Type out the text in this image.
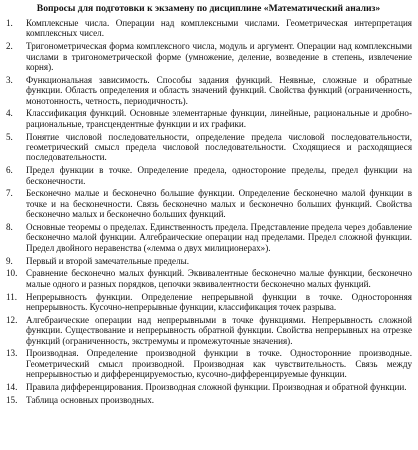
Вопросы для подготовки к экзамену по дисциплине «Математический анализ»
1.	Комплексные числа. Операции над комплексными числами. Геометрическая интерпретация комплексных чисел.
2.	Тригонометрическая форма комплексного числа, модуль и аргумент. Операции над комплексными числами в тригонометрической форме (умножение, деление, возведение в степень, извлечение корня).
3.	Функциональная зависимость. Способы задания функций. Неявные, сложные и обратные функции. Область определения и область значений функций. Свойства функций (ограниченность, монотонность, четность, периодичность).
4.	Классификация функций. Основные элементарные функции, линейные, рациональные и дробно-рациональные, трансцендентные функции и их графики.
5.	Понятие числовой последовательности, определение предела числовой последовательности, геометрический смысл предела числовой последовательности. Сходящиеся и расходящиеся последовательности.
6.	Предел функции в точке. Определение предела, одностороние пределы, предел функции на бесконечности.
7.	Бесконечно малые и бесконечно большие функции. Определение бесконечно малой функции в точке и на бесконечности. Связь бесконечно малых и бесконечно больших функций. Свойства бесконечно малых и бесконечно больших функций.
8.	Основные теоремы о пределах. Единственность предела. Представление предела через добавление бесконечно малой функции. Алгебраические операции над пределами. Предел сложной функции. Предел двойного неравенства («лемма о двух милиционерах»).
9.	Первый и второй замечательные пределы.
10. Сравнение бесконечно малых функций. Эквивалентные бесконечно малые функции, бесконечно малые одного и разных порядков, цепочки эквивалентности бесконечно малых функций.
11. Непрерывность функции. Определение непрерывной функции в точке. Односторонняя непрерывность. Кусочно-непрерывные функции, классификация точек разрыва.
12. Алгебраические операции над непрерывными в точке функциями. Непрерывность сложной функции. Существование и непрерывность обратной функции. Свойства непрерывных на отрезке функций (ограниченность, экстремумы и промежуточные значения).
13. Производная. Определение производной функции в точке. Односторонние производные. Геометрический смысл производной. Производная как чувствительность. Связь между непрерывностью и дифференцируемостью, кусочно-дифференцируемые функции.
14. Правила дифференцирования. Производная сложной функции. Производная и обратной функции.
15. Таблица основных производных.
